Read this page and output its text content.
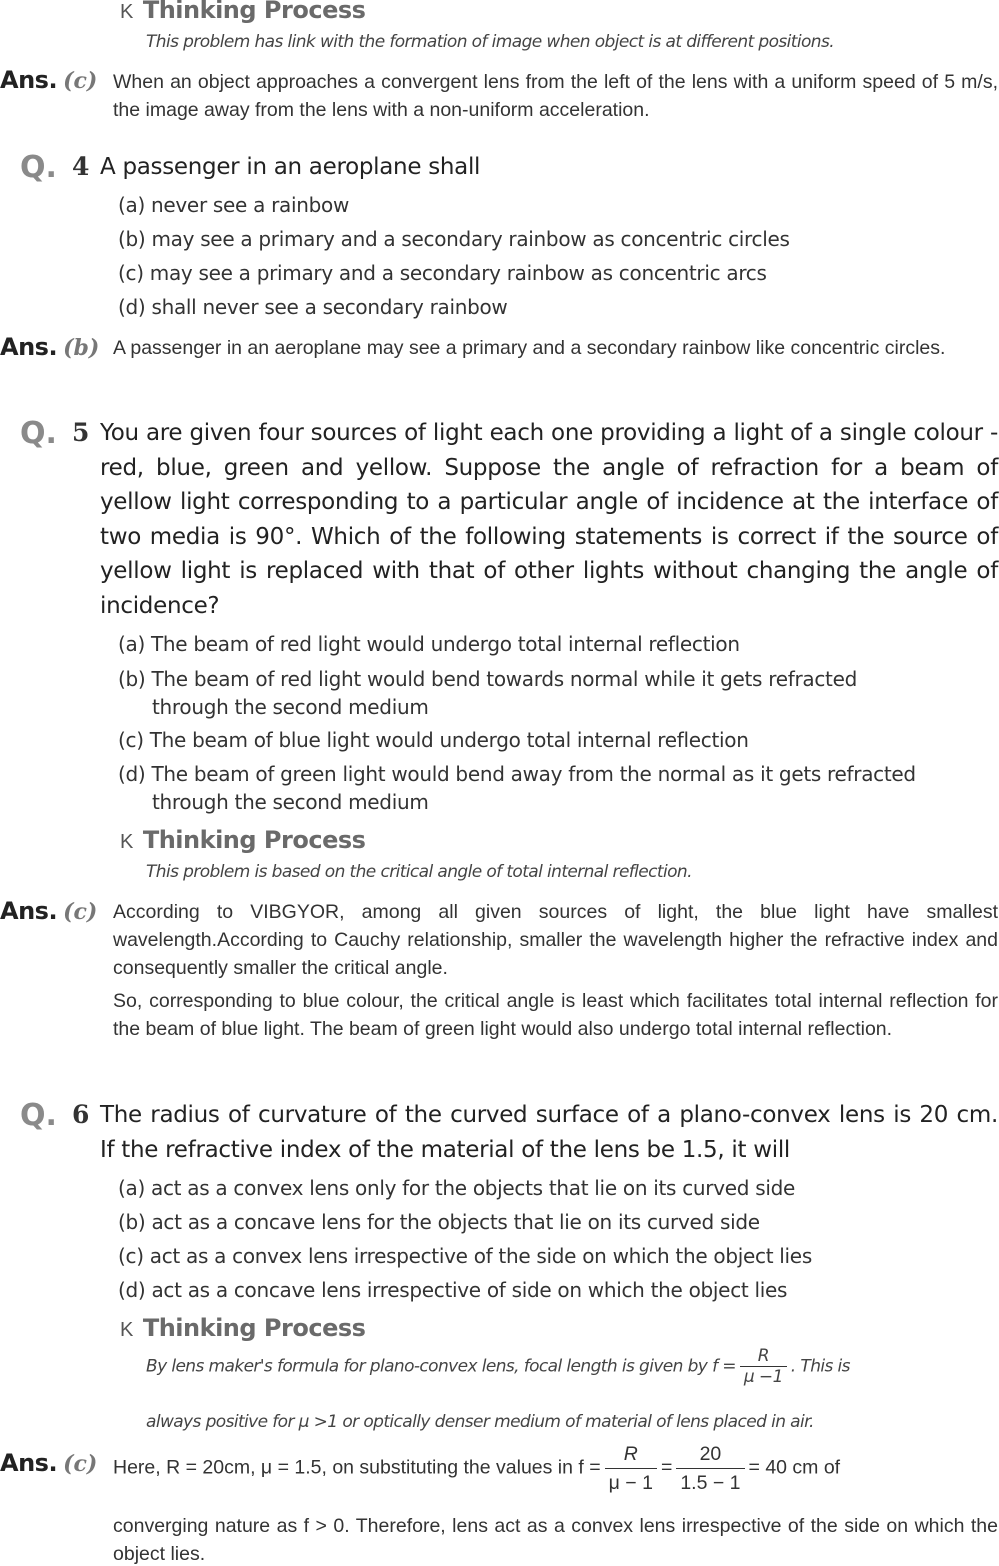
K Thinking Process
This problem has link with the formation of image when object is at different positions.
Ans. (c) When an object approaches a convergent lens from the left of the lens with a uniform speed of 5 m/s, the image away from the lens with a non-uniform acceleration.
Q. 4 A passenger in an aeroplane shall
(a) never see a rainbow
(b) may see a primary and a secondary rainbow as concentric circles
(c) may see a primary and a secondary rainbow as concentric arcs
(d) shall never see a secondary rainbow
Ans. (b) A passenger in an aeroplane may see a primary and a secondary rainbow like concentric circles.
Q. 5 You are given four sources of light each one providing a light of a single colour - red, blue, green and yellow. Suppose the angle of refraction for a beam of yellow light corresponding to a particular angle of incidence at the interface of two media is 90°. Which of the following statements is correct if the source of yellow light is replaced with that of other lights without changing the angle of incidence?
(a) The beam of red light would undergo total internal reflection
(b) The beam of red light would bend towards normal while it gets refracted
through the second medium
(c) The beam of blue light would undergo total internal reflection
(d) The beam of green light would bend away from the normal as it gets refracted
through the second medium
K Thinking Process
This problem is based on the critical angle of total internal reflection.
Ans. (c) According to VIBGYOR, among all given sources of light, the blue light have smallest wavelength.According to Cauchy relationship, smaller the wavelength higher the refractive index and consequently smaller the critical angle.
So, corresponding to blue colour, the critical angle is least which facilitates total internal reflection for the beam of blue light. The beam of green light would also undergo total internal reflection.
Q. 6 The radius of curvature of the curved surface of a plano-convex lens is 20 cm. If the refractive index of the material of the lens be 1.5, it will
(a) act as a convex lens only for the objects that lie on its curved side
(b) act as a concave lens for the objects that lie on its curved side
(c) act as a convex lens irrespective of the side on which the object lies
(d) act as a concave lens irrespective of side on which the object lies
K Thinking Process
By lens maker's formula for plano-convex lens, focal length is given by $f = \frac{R}{\mu -1}$ . This is
always positive for μ >1 or optically denser medium of material of lens placed in air.
Ans. (c) Here, R = 20cm, μ = 1.5, on substituting the values in $f = \frac{R}{\mu - 1} = \frac{20}{1.5 - 1} = 40$ cm of
converging nature as f > 0. Therefore, lens act as a convex lens irrespective of the side on which the object lies.
